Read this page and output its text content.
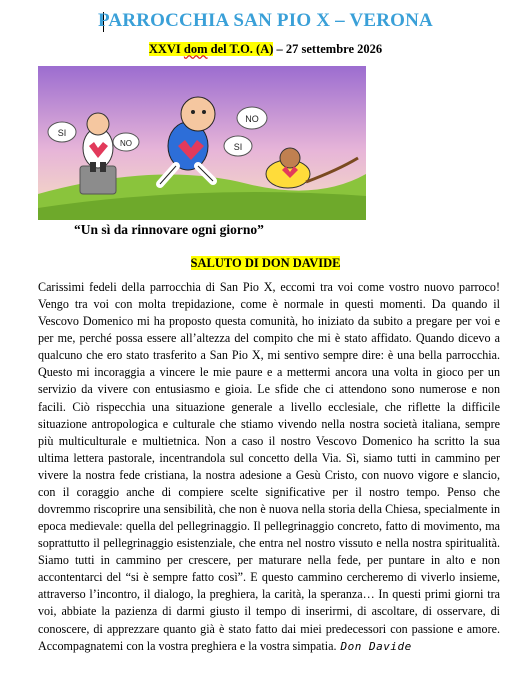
PARROCCHIA SAN PIO X – VERONA
XXVI dom del T.O. (A) – 27 settembre 2026
SI
NO
NO
SI
“Un sì da rinnovare ogni giorno”
SALUTO DI DON DAVIDE
Carissimi fedeli della parrocchia di San Pio X, eccomi tra voi come vostro nuovo parroco! Vengo tra voi con molta trepidazione, come è normale in questi momenti. Da quando il Vescovo Domenico mi ha proposto questa comunità, ho iniziato da subito a pregare per voi e per me, perché possa essere all’altezza del compito che mi è stato affidato. Quando dicevo a qualcuno che ero stato trasferito a San Pio X, mi sentivo sempre dire: è una bella parrocchia. Questo mi incoraggia a vincere le mie paure e a mettermi ancora una volta in gioco per un servizio da vivere con entusiasmo e gioia. Le sfide che ci attendono sono numerose e non facili. Ciò rispecchia una situazione generale a livello ecclesiale, che riflette la difficile situazione antropologica e culturale che stiamo vivendo nella nostra società italiana, sempre più multiculturale e multietnica. Non a caso il nostro Vescovo Domenico ha scritto la sua ultima lettera pastorale, incentrandola sul concetto della Via. Sì, siamo tutti in cammino per vivere la nostra fede cristiana, la nostra adesione a Gesù Cristo, con nuovo vigore e slancio, con il coraggio anche di compiere scelte significative per il nostro tempo. Penso che dovremmo riscoprire una sensibilità, che non è nuova nella storia della Chiesa, specialmente in epoca medievale: quella del pellegrinaggio. Il pellegrinaggio concreto, fatto di movimento, ma soprattutto il pellegrinaggio esistenziale, che entra nel nostro vissuto e nella nostra spiritualità. Siamo tutti in cammino per crescere, per maturare nella fede, per puntare in alto e non accontentarci del “si è sempre fatto così”. E questo cammino cercheremo di viverlo insieme, attraverso l’incontro, il dialogo, la preghiera, la carità, la speranza… In questi primi giorni tra voi, abbiate la pazienza di darmi giusto il tempo di inserirmi, di ascoltare, di osservare, di conoscere, di apprezzare quanto già è stato fatto dai miei predecessori con passione e amore. Accompagnatemi con la vostra preghiera e la vostra simpatia. Don Davide
